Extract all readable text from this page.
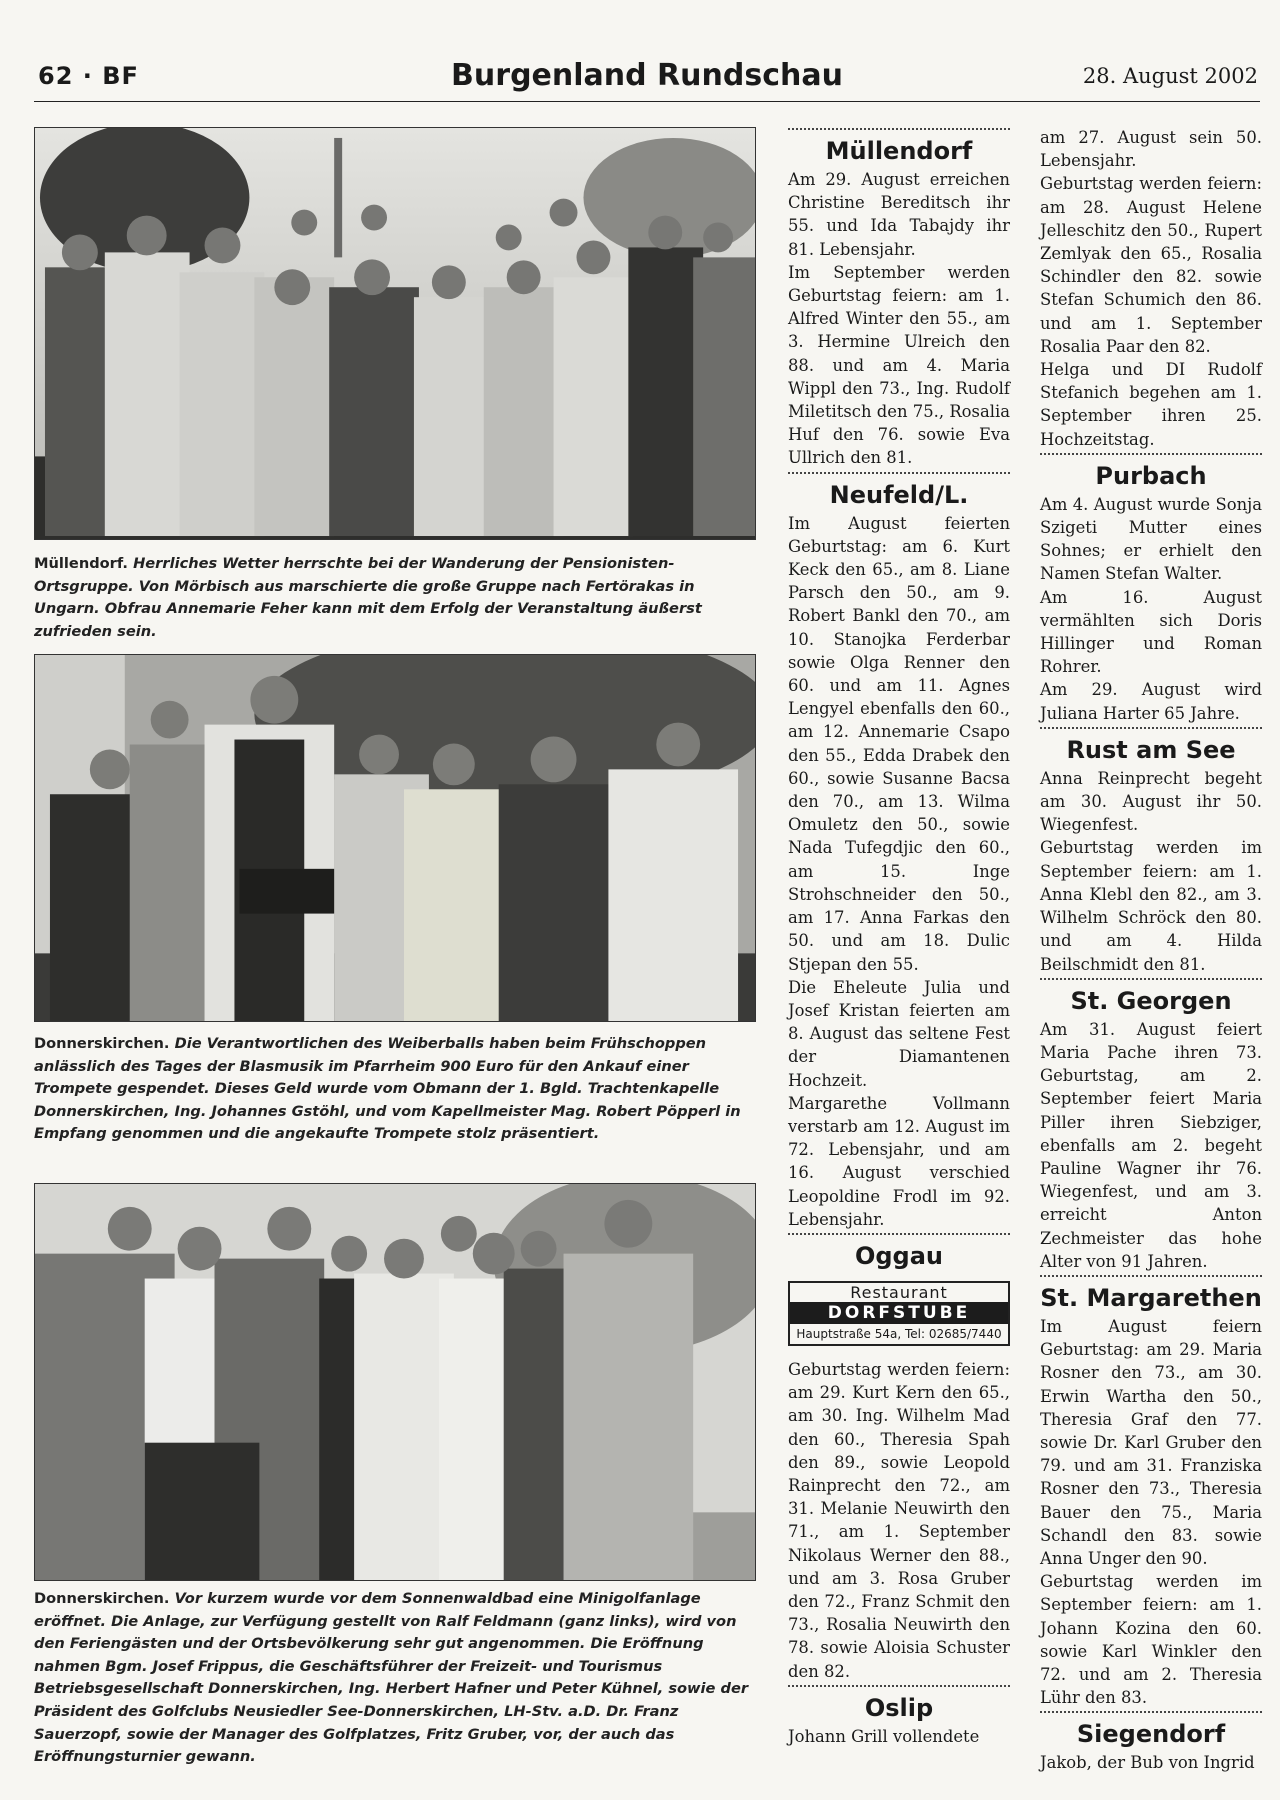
62 · BF	Burgenland Rundschau	28. August 2002
Müllendorf. Herrliches Wetter herrschte bei der Wanderung der Pensionisten-Ortsgruppe. Von Mörbisch aus marschierte die große Gruppe nach Fertörakas in Ungarn. Obfrau Annemarie Feher kann mit dem Erfolg der Veranstaltung äußerst zufrieden sein.
Donnerskirchen. Die Verantwortlichen des Weiberballs haben beim Frühschoppen anlässlich des Tages der Blasmusik im Pfarrheim 900 Euro für den Ankauf einer Trompete gespendet. Dieses Geld wurde vom Obmann der 1. Bgld. Trachtenkapelle Donnerskirchen, Ing. Johannes Gstöhl, und vom Kapellmeister Mag. Robert Pöpperl in Empfang genommen und die angekaufte Trompete stolz präsentiert.
Donnerskirchen. Vor kurzem wurde vor dem Sonnenwaldbad eine Minigolfanlage eröffnet. Die Anlage, zur Verfügung gestellt von Ralf Feldmann (ganz links), wird von den Feriengästen und der Ortsbevölkerung sehr gut angenommen. Die Eröffnung nahmen Bgm. Josef Frippus, die Geschäftsführer der Freizeit- und Tourismus Betriebsgesellschaft Donnerskirchen, Ing. Herbert Hafner und Peter Kühnel, sowie der Präsident des Golfclubs Neusiedler See-Donnerskirchen, LH-Stv. a.D. Dr. Franz Sauerzopf, sowie der Manager des Golfplatzes, Fritz Gruber, vor, der auch das Eröffnungsturnier gewann.
Müllendorf

Am 29. August erreichen Christine Bereditsch ihr 55. und Ida Tabajdy ihr 81. Lebensjahr.

Im September werden Geburtstag feiern: am 1. Alfred Winter den 55., am 3. Hermine Ulreich den 88. und am 4. Maria Wippl den 73., Ing. Rudolf Miletitsch den 75., Rosalia Huf den 76. sowie Eva Ullrich den 81.

Neufeld/L.

Im August feierten Geburtstag: am 6. Kurt Keck den 65., am 8. Liane Parsch den 50., am 9. Robert Bankl den 70., am 10. Stanojka Ferderbar sowie Olga Renner den 60. und am 11. Agnes Lengyel ebenfalls den 60., am 12. Annemarie Csapo den 55., Edda Drabek den 60., sowie Susanne Bacsa den 70., am 13. Wilma Omuletz den 50., sowie Nada Tufegdjic den 60., am 15. Inge Strohschneider den 50., am 17. Anna Farkas den 50. und am 18. Dulic Stjepan den 55.

Die Eheleute Julia und Josef Kristan feierten am 8. August das seltene Fest der Diamantenen Hochzeit.

Margarethe Vollmann verstarb am 12. August im 72. Lebensjahr, und am 16. August verschied Leopoldine Frodl im 92. Lebensjahr.

Oggau
Restaurant
DORFSTUBE
Hauptstraße 54a, Tel: 02685/7440

Geburtstag werden feiern: am 29. Kurt Kern den 65., am 30. Ing. Wilhelm Mad den 60., Theresia Spah den 89., sowie Leopold Rainprecht den 72., am 31. Melanie Neuwirth den 71., am 1. September Nikolaus Werner den 88., und am 3. Rosa Gruber den 72., Franz Schmit den 73., Rosalia Neuwirth den 78. sowie Aloisia Schuster den 82.

Oslip

Johann Grill vollendete

am 27. August sein 50. Lebensjahr.

Geburtstag werden feiern: am 28. August Helene Jelleschitz den 50., Rupert Zemlyak den 65., Rosalia Schindler den 82. sowie Stefan Schumich den 86. und am 1. September Rosalia Paar den 82.

Helga und DI Rudolf Stefanich begehen am 1. September ihren 25. Hochzeitstag.

Purbach

Am 4. August wurde Sonja Szigeti Mutter eines Sohnes; er erhielt den Namen Stefan Walter.

Am 16. August vermählten sich Doris Hillinger und Roman Rohrer.

Am 29. August wird Juliana Harter 65 Jahre.

Rust am See

Anna Reinprecht begeht am 30. August ihr 50. Wiegenfest.

Geburtstag werden im September feiern: am 1. Anna Klebl den 82., am 3. Wilhelm Schröck den 80. und am 4. Hilda Beilschmidt den 81.

St. Georgen

Am 31. August feiert Maria Pache ihren 73. Geburtstag, am 2. September feiert Maria Piller ihren Siebziger, ebenfalls am 2. begeht Pauline Wagner ihr 76. Wiegenfest, und am 3. erreicht Anton Zechmeister das hohe Alter von 91 Jahren.

St. Margarethen

Im August feiern Geburtstag: am 29. Maria Rosner den 73., am 30. Erwin Wartha den 50., Theresia Graf den 77. sowie Dr. Karl Gruber den 79. und am 31. Franziska Rosner den 73., Theresia Bauer den 75., Maria Schandl den 83. sowie Anna Unger den 90.

Geburtstag werden im September feiern: am 1. Johann Kozina den 60. sowie Karl Winkler den 72. und am 2. Theresia Lühr den 83.

Siegendorf

Jakob, der Bub von Ingrid
